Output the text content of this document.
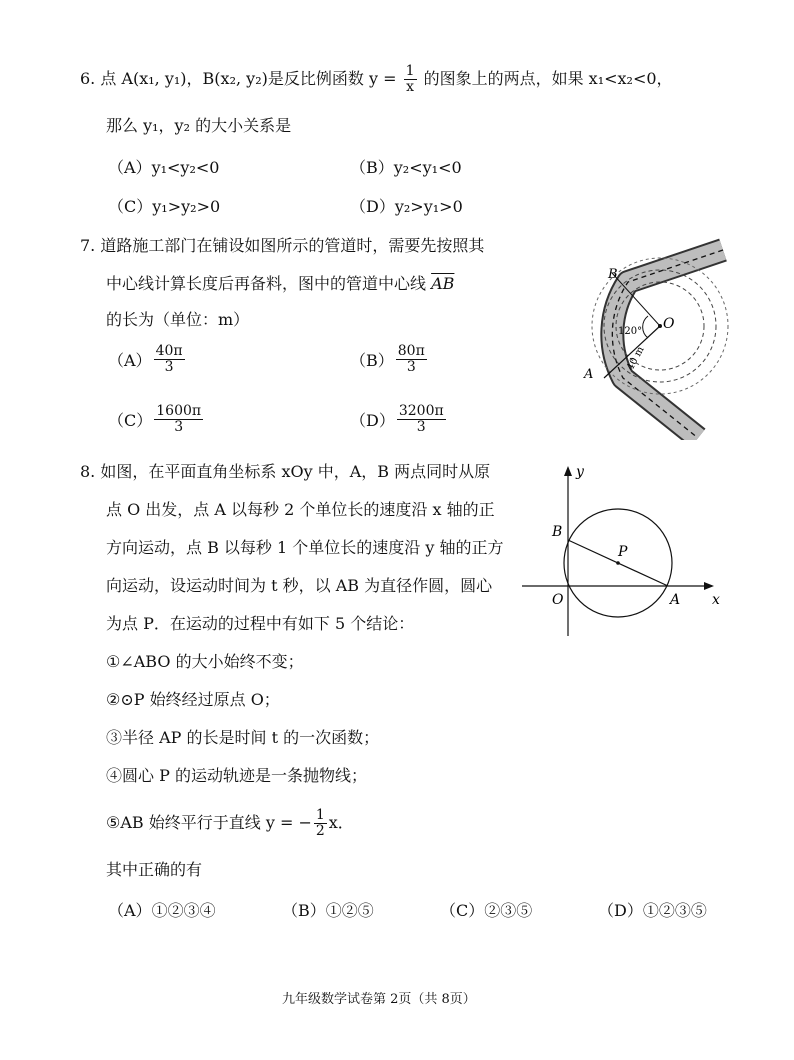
6. 点 A(x₁, y₁)，B(x₂, y₂)是反比例函数 $y = \frac{1}{x}$ 的图象上的两点，如果 x₁<x₂<0，
那么 y₁，y₂ 的大小关系是
（A）y₁<y₂<0	（B）y₂<y₁<0
（C）y₁>y₂>0	（D）y₂>y₁>0
7. 道路施工部门在铺设如图所示的管道时，需要先按照其
中心线计算长度后再备料，图中的管道中心线 $\overline{AB}$
的长为（单位：m）
$(A) \frac{40\pi}{3}$	$(B) \frac{80\pi}{3}$
$(C) \frac{1600\pi}{3}$	$(D) \frac{3200\pi}{3}$
120° O
B
A
40 m
8. 如图，在平面直角坐标系 xOy 中，A，B 两点同时从原
点 O 出发，点 A 以每秒 2 个单位长的速度沿 x 轴的正
方向运动，点 B 以每秒 1 个单位长的速度沿 y 轴的正方
向运动，设运动时间为 t 秒，以 AB 为直径作圆，圆心
为点 P．在运动的过程中有如下 5 个结论：
①∠ABO 的大小始终不变；
②⊙P 始终经过原点 O；
③半径 AP 的长是时间 t 的一次函数；
④圆心 P 的运动轨迹是一条抛物线；
⑤AB 始终平行于直线 y = − $\frac{1}{2}$ x．
其中正确的有
（A）①②③④	（B）①②⑤	（C）②③⑤	（D）①②③⑤
y
x
O	A
B
P
九年级数学试卷第 2页（共 8页）
